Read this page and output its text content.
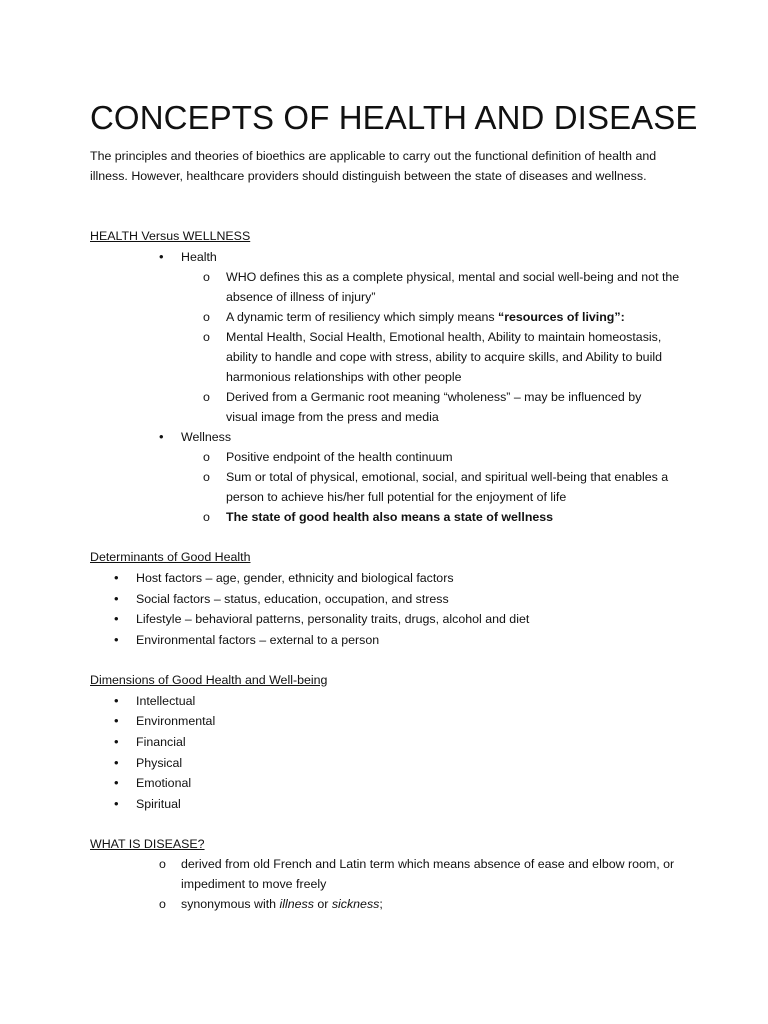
CONCEPTS OF HEALTH AND DISEASE

The principles and theories of bioethics are applicable to carry out the functional definition of health and illness. However, healthcare providers should distinguish between the state of diseases and wellness.

HEALTH Versus WELLNESS
• Health
o WHO defines this as a complete physical, mental and social well-being and not the absence of illness of injury”
o A dynamic term of resiliency which simply means “resources of living”:
o Mental Health, Social Health, Emotional health, Ability to maintain homeostasis, ability to handle and cope with stress, ability to acquire skills, and Ability to build harmonious relationships with other people
o Derived from a Germanic root meaning “wholeness” – may be influenced by visual image from the press and media
• Wellness
o Positive endpoint of the health continuum
o Sum or total of physical, emotional, social, and spiritual well-being that enables a person to achieve his/her full potential for the enjoyment of life
o The state of good health also means a state of wellness
Determinants of Good Health
• Host factors – age, gender, ethnicity and biological factors
• Social factors – status, education, occupation, and stress
• Lifestyle – behavioral patterns, personality traits, drugs, alcohol and diet
• Environmental factors – external to a person
Dimensions of Good Health and Well-being
• Intellectual
• Environmental
• Financial
• Physical
• Emotional
• Spiritual
WHAT IS DISEASE?
o derived from old French and Latin term which means absence of ease and elbow room, or impediment to move freely
o synonymous with illness or sickness;
